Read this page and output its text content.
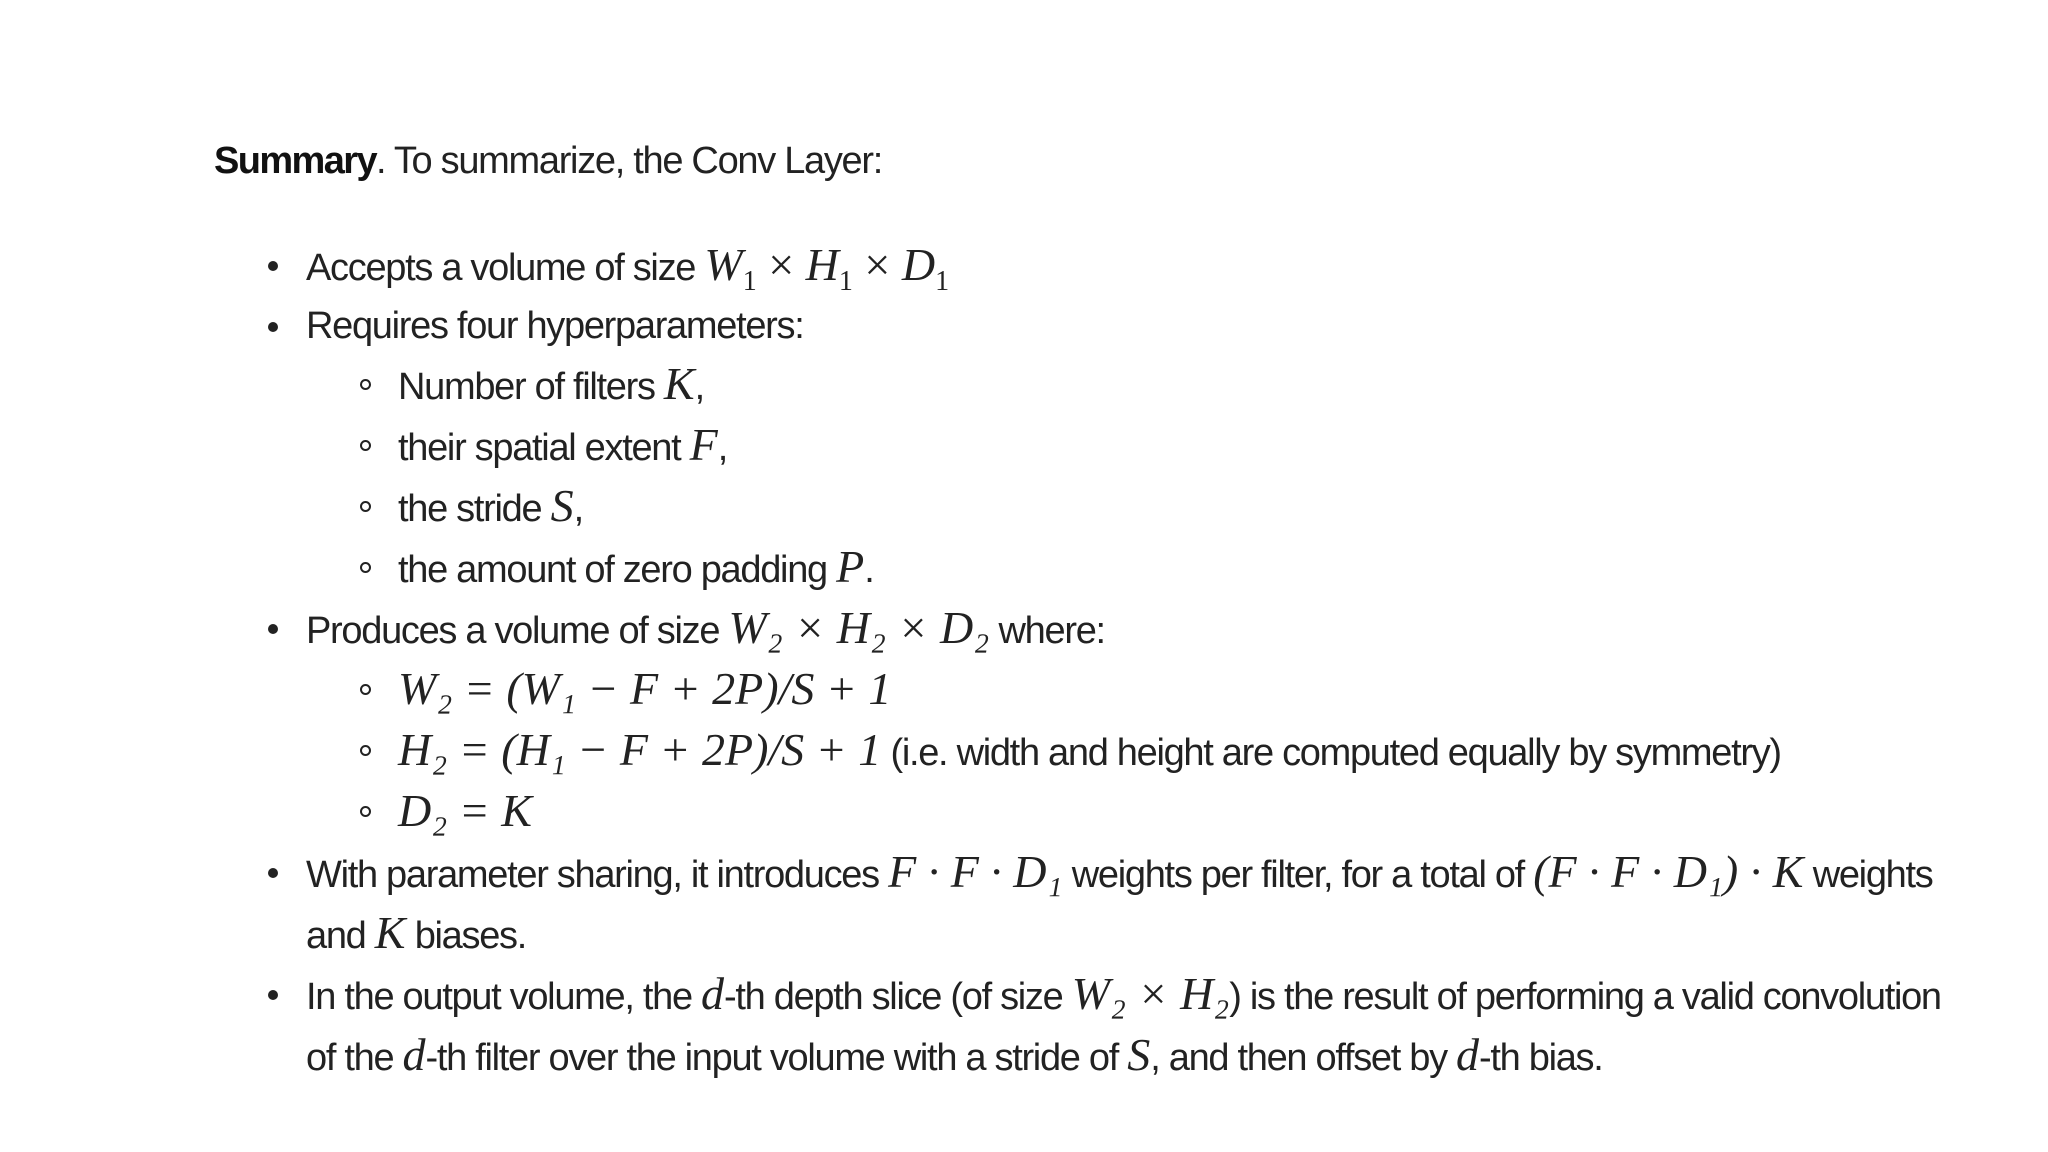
Summary. To summarize, the Conv Layer:

Accepts a volume of size $W_1 \times H_1 \times D_1$
Requires four hyperparameters:
Number of filters K,
their spatial extent F,
the stride S,
the amount of zero padding P.
Produces a volume of size W₂ × H₂ × D₂ where:
W₂ = (W₁ − F + 2P)/S + 1
H₂ = (H₁ − F + 2P)/S + 1 (i.e. width and height are computed equally by symmetry)
D₂ = K
With parameter sharing, it introduces F · F · D₁ weights per filter, for a total of (F · F · D₁) · K weights and K biases.
In the output volume, the d-th depth slice (of size W₂ × H₂) is the result of performing a valid convolution of the d-th filter over the input volume with a stride of S, and then offset by d-th bias.
